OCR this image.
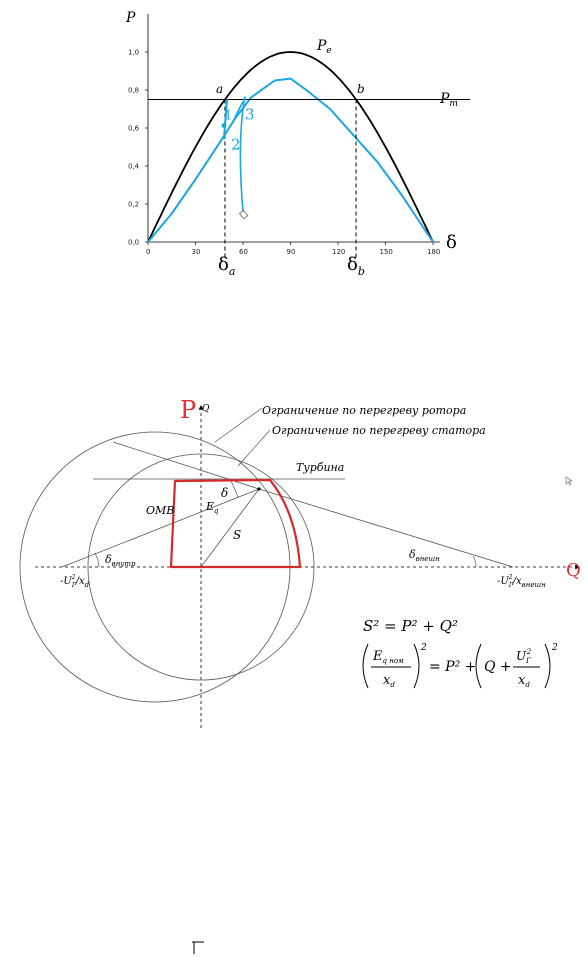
0,0
0,2
0,4
0,6
0,8
1,0
0	30	60	90	120	150	180
1
2
3
P
δ
$P_e$
$P_т$
a	b
$\delta_a$	$\delta_b$
Ограничение по перегреву ротора
Ограничение по перегреву статора
Турбина
ОМВ	$E_q$
δ
S
$\delta_{внутр}$
$\delta_{внешн}$
$-U_Г2/x_d$	$-U_Г2/x_{внешн}$
Q
P
Q
S² = P² + Q²
$E_{q ном}$
$x_d$
2
= P² + Q +
$U_Г2$
$x_d$
2
